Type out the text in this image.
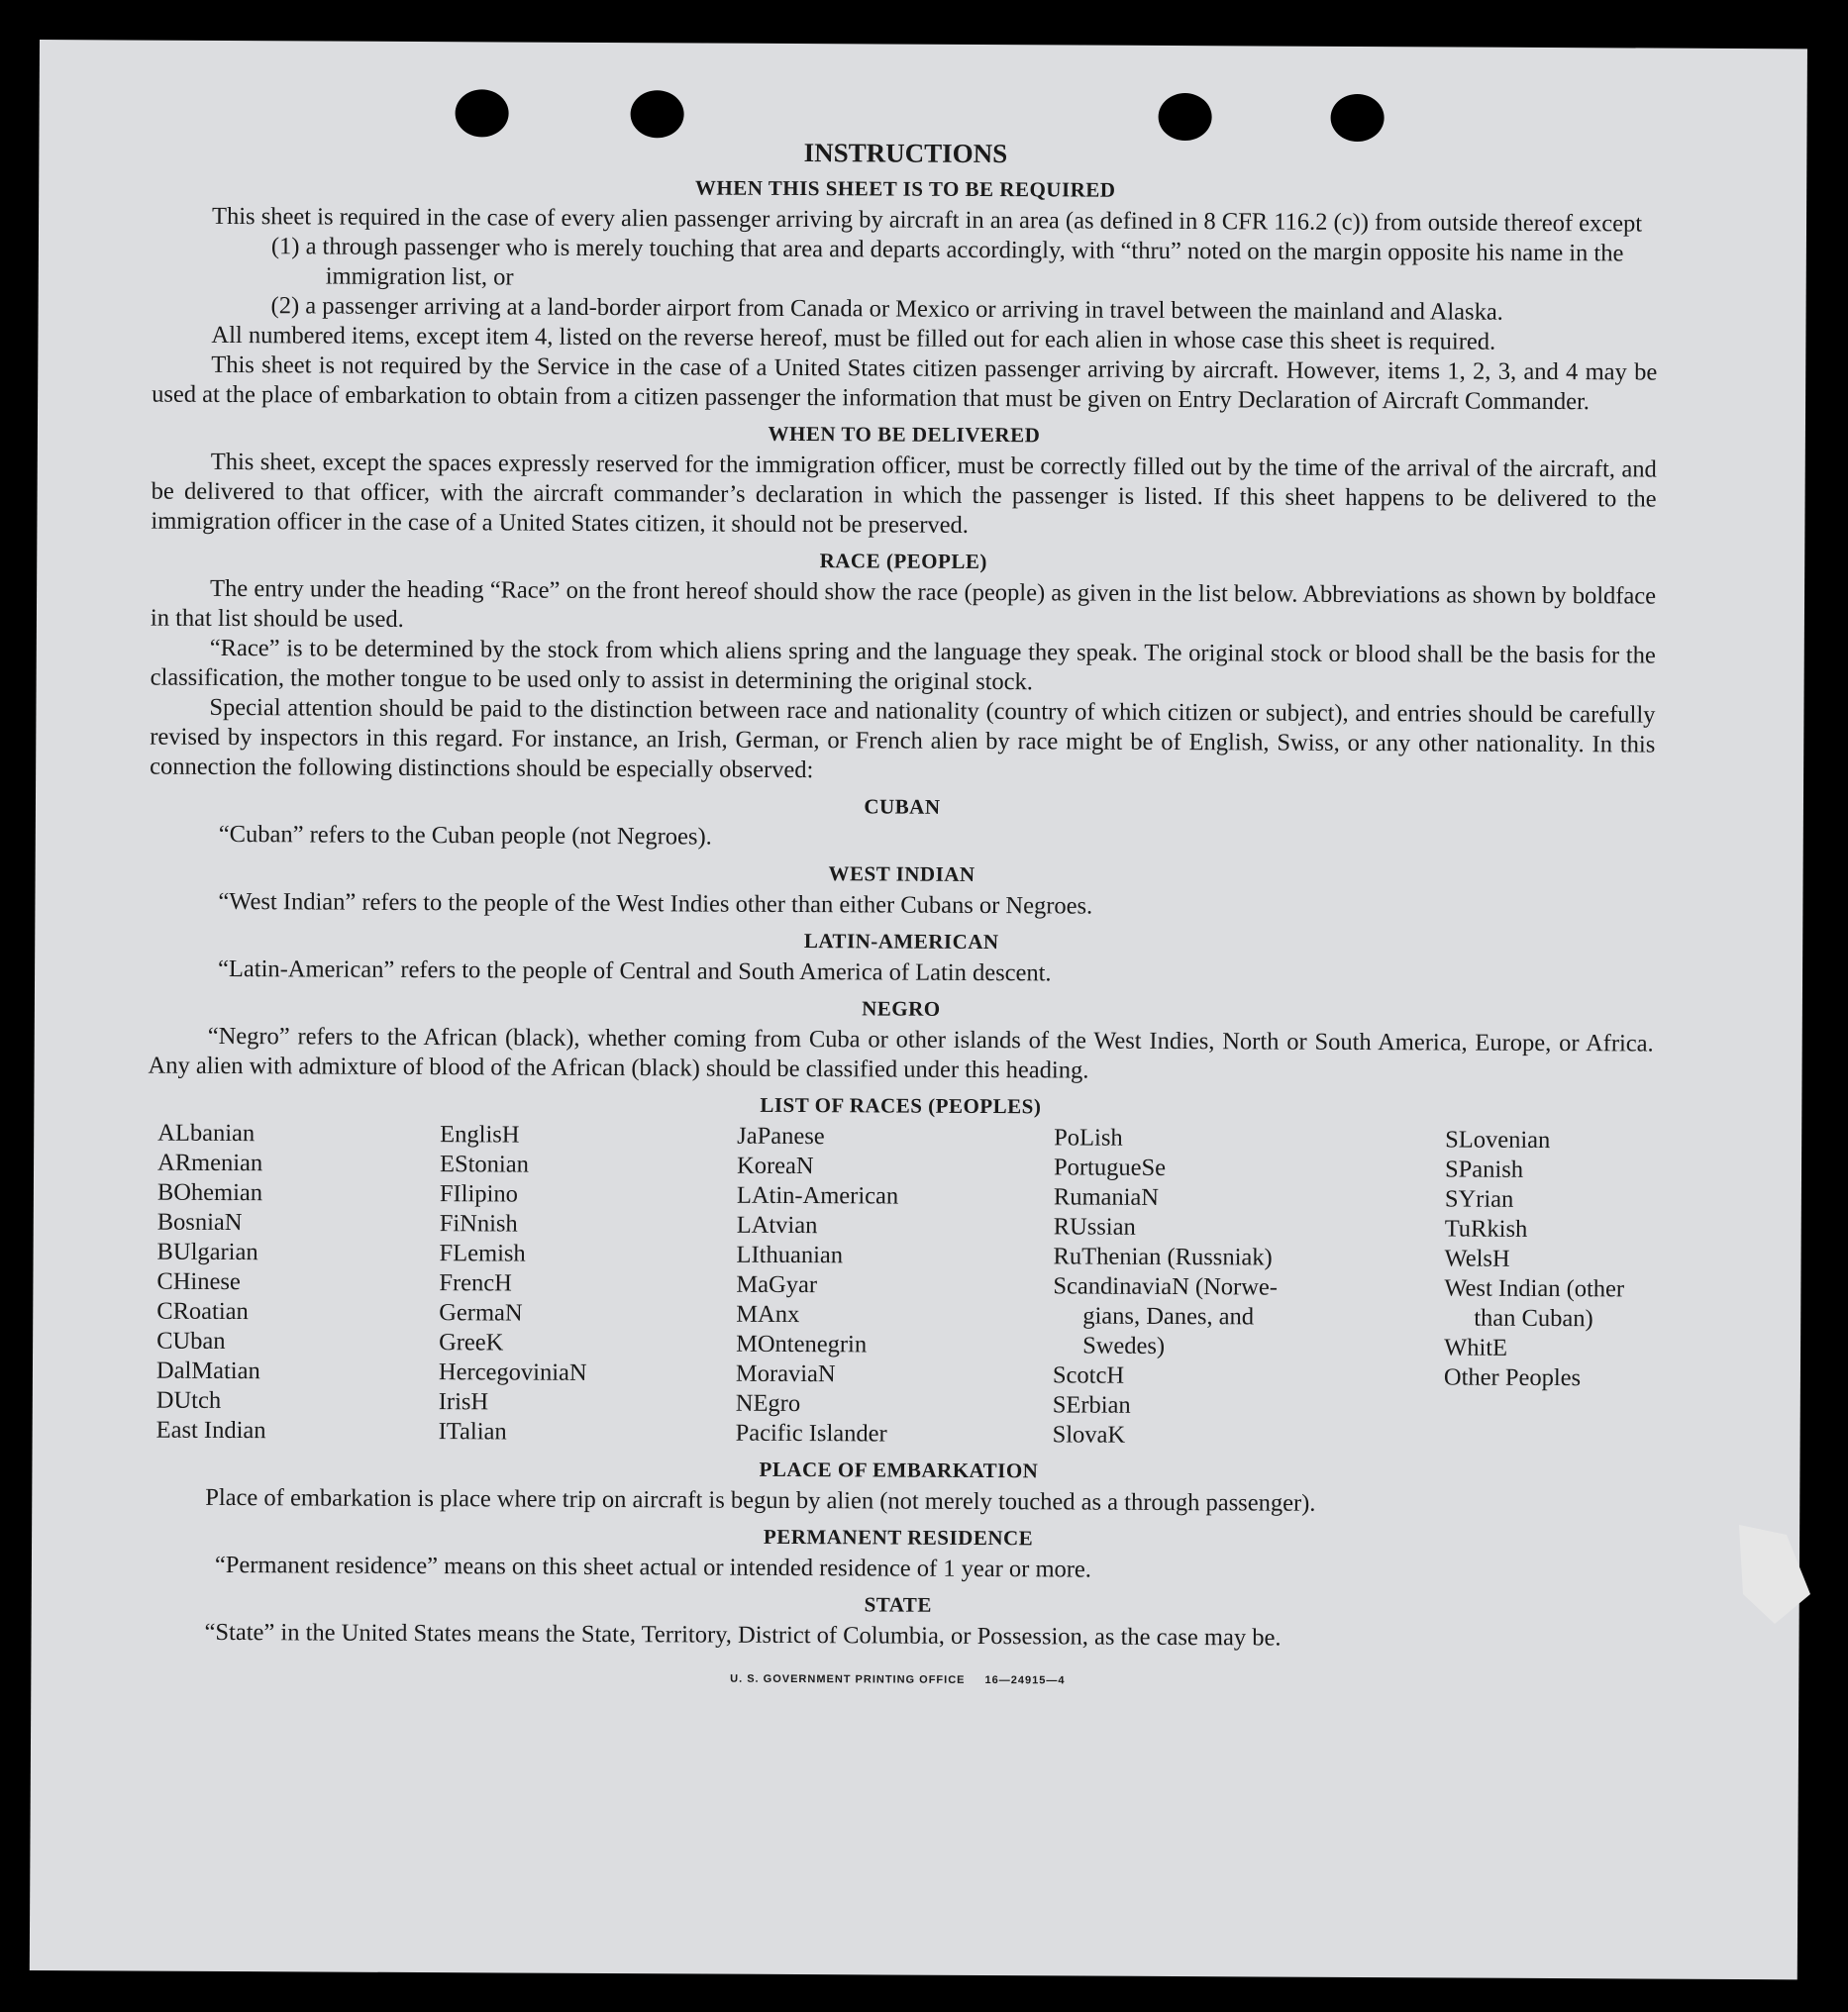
INSTRUCTIONS
WHEN THIS SHEET IS TO BE REQUIRED

This sheet is required in the case of every alien passenger arriving by aircraft in an area (as defined in 8 CFR 116.2 (c)) from outside thereof except

(1) a through passenger who is merely touching that area and departs accordingly, with “thru” noted on the margin opposite his name in the immigration list, or

(2) a passenger arriving at a land-border airport from Canada or Mexico or arriving in travel between the mainland and Alaska.

All numbered items, except item 4, listed on the reverse hereof, must be filled out for each alien in whose case this sheet is required.

This sheet is not required by the Service in the case of a United States citizen passenger arriving by aircraft. However, items 1, 2, 3, and 4 may be used at the place of embarkation to obtain from a citizen passenger the information that must be given on Entry Declaration of Aircraft Commander.

WHEN TO BE DELIVERED

This sheet, except the spaces expressly reserved for the immigration officer, must be correctly filled out by the time of the arrival of the aircraft, and be delivered to that officer, with the aircraft commander’s declaration in which the passenger is listed. If this sheet happens to be delivered to the immigration officer in the case of a United States citizen, it should not be preserved.

RACE (PEOPLE)

The entry under the heading “Race” on the front hereof should show the race (people) as given in the list below. Abbreviations as shown by boldface in that list should be used.

“Race” is to be determined by the stock from which aliens spring and the language they speak. The original stock or blood shall be the basis for the classification, the mother tongue to be used only to assist in determining the original stock.

Special attention should be paid to the distinction between race and nationality (country of which citizen or subject), and entries should be carefully revised by inspectors in this regard. For instance, an Irish, German, or French alien by race might be of English, Swiss, or any other nationality. In this connection the following distinctions should be especially observed:

CUBAN

“Cuban” refers to the Cuban people (not Negroes).

WEST INDIAN

“West Indian” refers to the people of the West Indies other than either Cubans or Negroes.

LATIN-AMERICAN

“Latin-American” refers to the people of Central and South America of Latin descent.

NEGRO

“Negro” refers to the African (black), whether coming from Cuba or other islands of the West Indies, North or South America, Europe, or Africa. Any alien with admixture of blood of the African (black) should be classified under this heading.

LIST OF RACES (PEOPLES)
ALbanian
ARmenian
BOhemian
BosniaN
BUlgarian
CHinese
CRoatian
CUban
DalMatian
DUtch
East Indian
EnglisH
EStonian
FIlipino
FiNnish
FLemish
FrencH
GermaN
GreeK
HercegoviniaN
IrisH
ITalian
JaPanese
KoreaN
LAtin-American
LAtvian
LIthuanian
MaGyar
MAnx
MOntenegrin
MoraviaN
NEgro
Pacific Islander
PoLish
PortugueSe
RumaniaN
RUssian
RuThenian (Russniak)
ScandinaviaN (Norwe-
gians, Danes, and
Swedes)
ScotcH
SErbian
SlovaK
SLovenian
SPanish
SYrian
TuRkish
WelsH
West Indian (other
than Cuban)
WhitE
Other Peoples
PLACE OF EMBARKATION

Place of embarkation is place where trip on aircraft is begun by alien (not merely touched as a through passenger).

PERMANENT RESIDENCE

“Permanent residence” means on this sheet actual or intended residence of 1 year or more.

STATE

“State” in the United States means the State, Territory, District of Columbia, or Possession, as the case may be.

U. S. GOVERNMENT PRINTING OFFICE 16—24915—4
